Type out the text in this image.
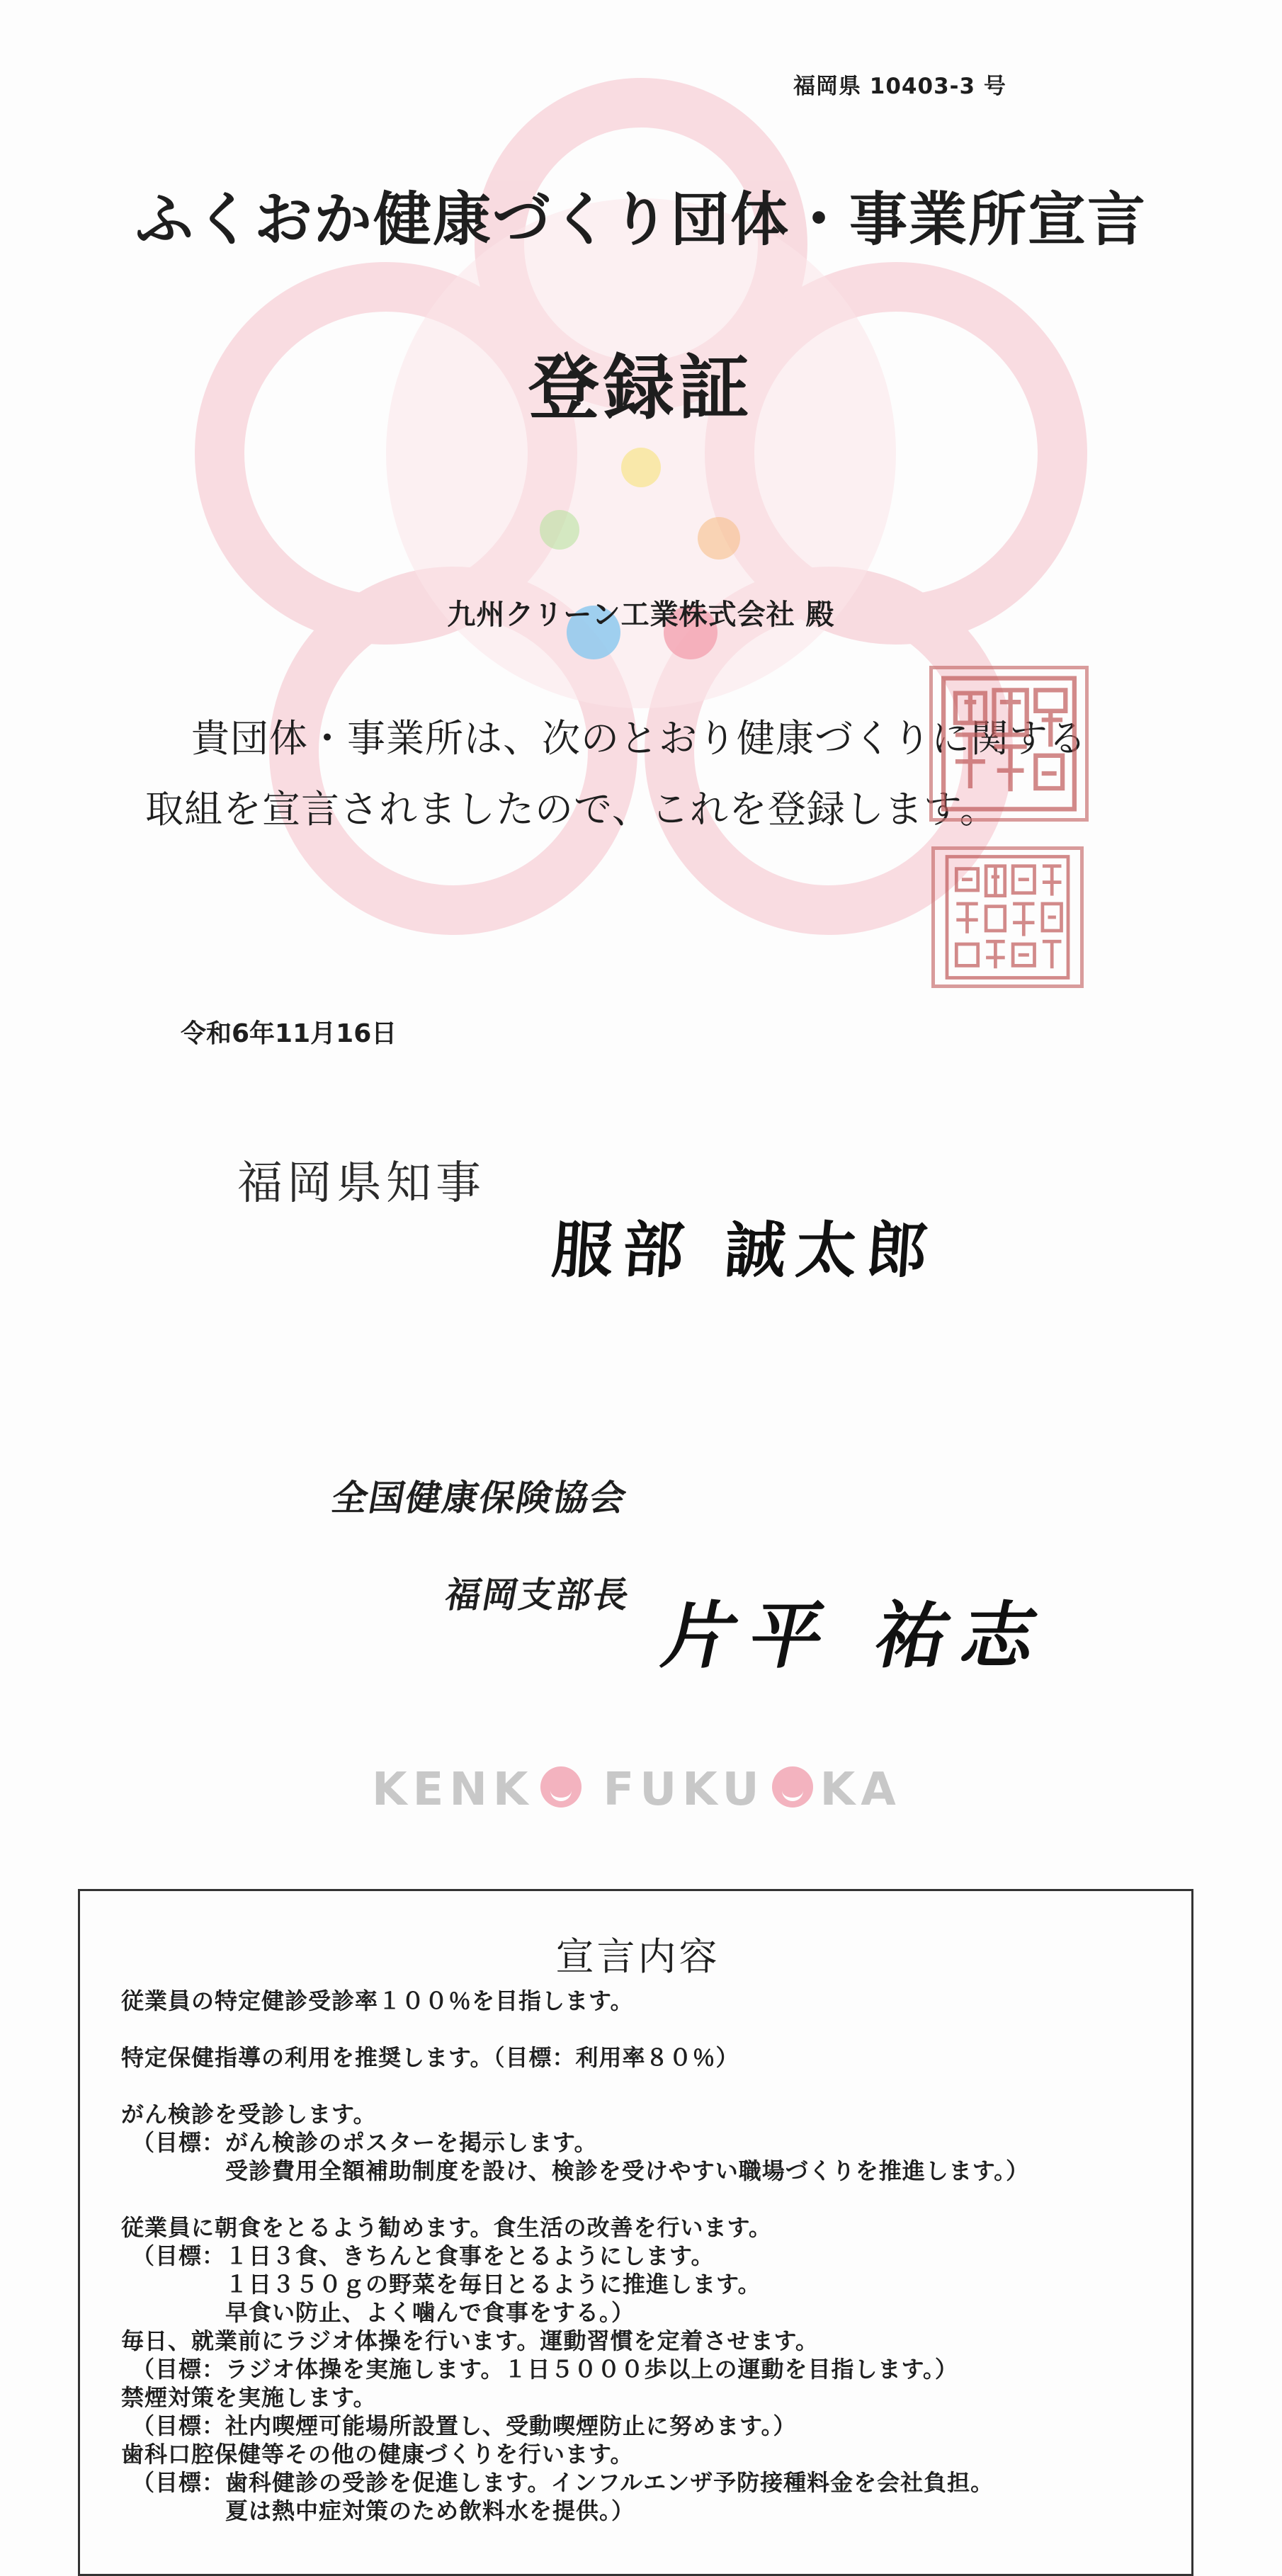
福岡県 10403-3 号
ふくおか健康づくり団体・事業所宣言
登録証
九州クリーン工業株式会社 殿
貴団体・事業所は、次のとおり健康づくりに関する
取組を宣言されましたので、これを登録します。
令和6年11月16日
福岡県知事
服部 誠太郎
全国健康保険協会
福岡支部長 片平 祐志
KENK FUKU KA
宣言内容
従業員の特定健診受診率１００％を目指します。
特定保健指導の利用を推奨します。（目標：利用率８０％）
がん検診を受診します。
（目標：がん検診のポスターを掲示します。
受診費用全額補助制度を設け、検診を受けやすい職場づくりを推進します。）
従業員に朝食をとるよう勧めます。食生活の改善を行います。
（目標：１日３食、きちんと食事をとるようにします。
１日３５０ｇの野菜を毎日とるように推進します。
早食い防止、よく噛んで食事をする。）
毎日、就業前にラジオ体操を行います。運動習慣を定着させます。
（目標：ラジオ体操を実施します。１日５０００歩以上の運動を目指します。）
禁煙対策を実施します。
（目標：社内喫煙可能場所設置し、受動喫煙防止に努めます。）
歯科口腔保健等その他の健康づくりを行います。
（目標：歯科健診の受診を促進します。インフルエンザ予防接種料金を会社負担。
夏は熱中症対策のため飲料水を提供。）
